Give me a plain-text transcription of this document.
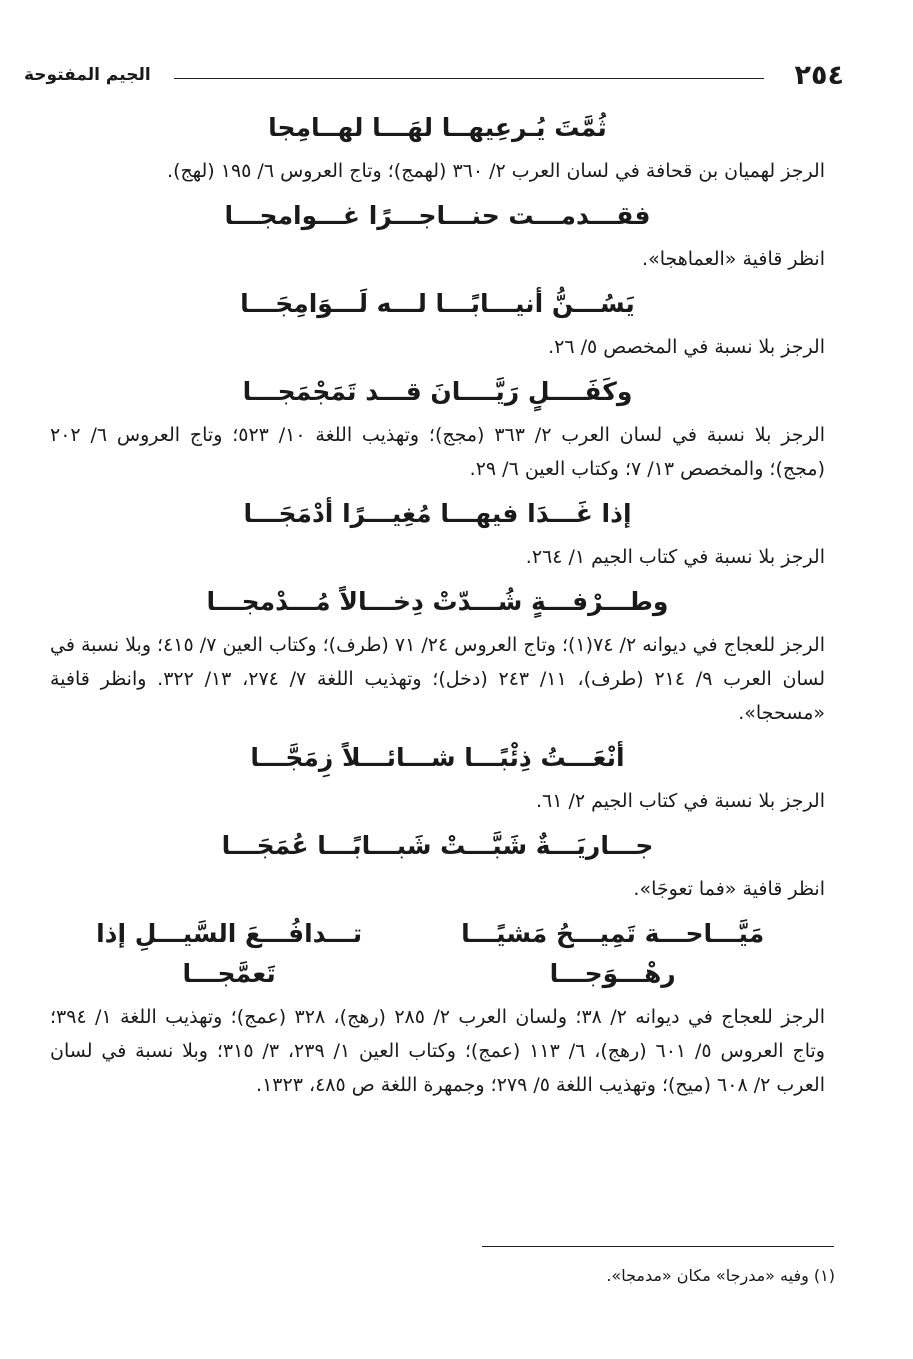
٢٥٤
الجيم المفتوحة
ثُمَّتَ يُـرعِيهــا لهَـــا لهــامِجا
الرجز لهميان بن قحافة في لسان العرب ٢/ ٣٦٠ (لهمج)؛ وتاج العروس ٦/ ١٩٥ (لهج).
فقـــدمـــت حنـــاجـــرًا غـــوامجـــا
انظر قافية «العماهجا».
يَسُـــنُّ أنيـــابًـــا لـــه لَـــوَامِجَـــا
الرجز بلا نسبة في المخصص ٥/ ٢٦.
وكَفَــــلٍ رَيَّــــانَ قـــد تَمَجْمَجـــا
الرجز بلا نسبة في لسان العرب ٢/ ٣٦٣ (مجج)؛ وتهذيب اللغة ١٠/ ٥٢٣؛ وتاج العروس ٦/ ٢٠٢ (مجج)؛ والمخصص ١٣/ ٧؛ وكتاب العين ٦/ ٢٩.
إذا غَـــدَا فيهـــا مُغِيـــرًا أدْمَجَـــا
الرجز بلا نسبة في كتاب الجيم ١/ ٢٦٤.
وطـــرْفـــةٍ شُـــدّتْ دِخـــالاً مُـــدْمجـــا
الرجز للعجاج في ديوانه ٢/ ٧٤(١)؛ وتاج العروس ٢٤/ ٧١ (طرف)؛ وكتاب العين ٧/ ٤١٥؛ وبلا نسبة في لسان العرب ٩/ ٢١٤ (طرف)، ١١/ ٢٤٣ (دخل)؛ وتهذيب اللغة ٧/ ٢٧٤، ١٣/ ٣٢٢. وانظر قافية «مسحجا».
أنْعَـــتُ ذِئْبًـــا شـــائـــلاً زِمَجَّـــا
الرجز بلا نسبة في كتاب الجيم ٢/ ٦١.
جـــاريَـــةٌ شَبَّـــتْ شَبـــابًـــا عُمَجَـــا
انظر قافية «فما تعوجَا».
مَيَّـــاحـــة تَمِيـــحُ مَشيًـــا رهْـــوَجـــا
تـــدافُـــعَ السَّيـــلِ إذا تَعمَّجـــا
الرجز للعجاج في ديوانه ٢/ ٣٨؛ ولسان العرب ٢/ ٢٨٥ (رهج)، ٣٢٨ (عمج)؛ وتهذيب اللغة ١/ ٣٩٤؛ وتاج العروس ٥/ ٦٠١ (رهج)، ٦/ ١١٣ (عمج)؛ وكتاب العين ١/ ٢٣٩، ٣/ ٣١٥؛ وبلا نسبة في لسان العرب ٢/ ٦٠٨ (ميح)؛ وتهذيب اللغة ٥/ ٢٧٩؛ وجمهرة اللغة ص ٤٨٥، ١٣٢٣.
(١) وفيه «مدرجا» مكان «مدمجا».
